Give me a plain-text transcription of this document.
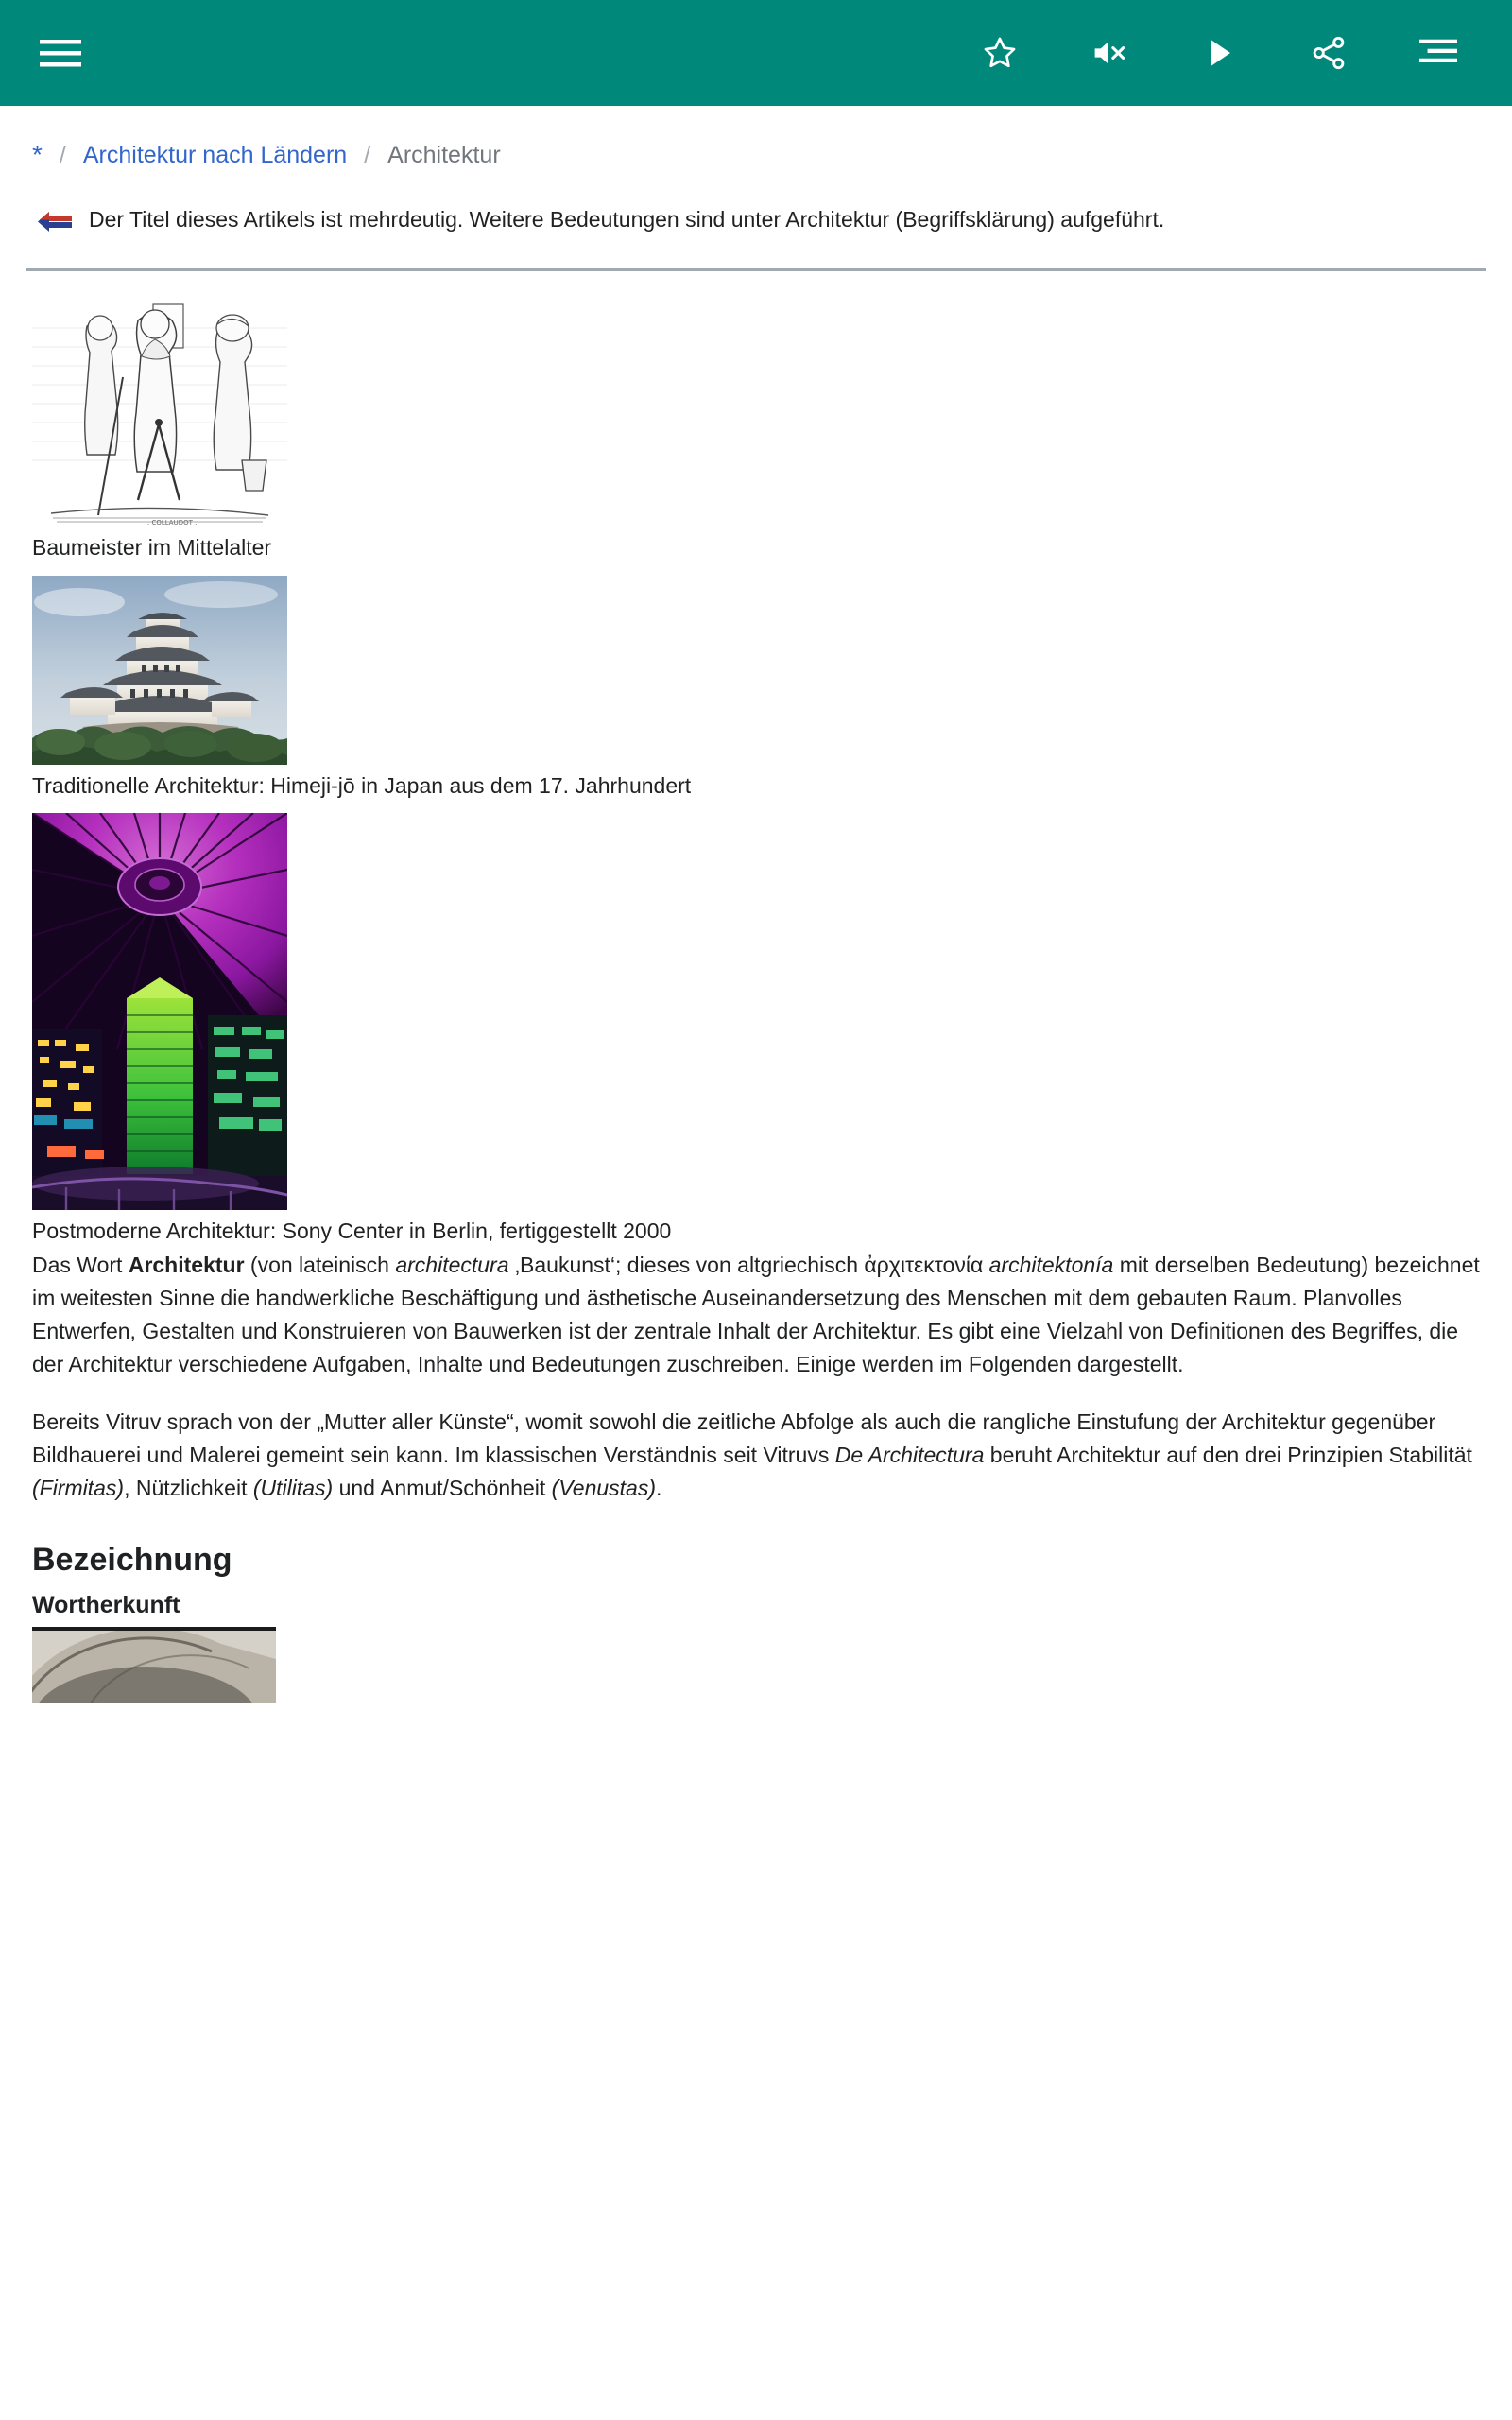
* / Architektur nach Ländern / Architektur
Der Titel dieses Artikels ist mehrdeutig. Weitere Bedeutungen sind unter Architektur (Begriffsklärung) aufgeführt.
. COLLAUDOT .
Baumeister im Mittelalter
Traditionelle Architektur: Himeji-jō in Japan aus dem 17. Jahrhundert
Postmoderne Architektur: Sony Center in Berlin, fertiggestellt 2000

Das Wort Architektur (von lateinisch architectura ‚Baukunst‘; dieses von altgriechisch ἀρχιτεκτονία architektonía mit derselben Bedeutung) bezeichnet im weitesten Sinne die handwerkliche Beschäftigung und ästhetische Auseinandersetzung des Menschen mit dem gebauten Raum. Planvolles Entwerfen, Gestalten und Konstruieren von Bauwerken ist der zentrale Inhalt der Architektur. Es gibt eine Vielzahl von Definitionen des Begriffes, die der Architektur verschiedene Aufgaben, Inhalte und Bedeutungen zuschreiben. Einige werden im Folgenden dargestellt.

Bereits Vitruv sprach von der „Mutter aller Künste“, womit sowohl die zeitliche Abfolge als auch die rangliche Einstufung der Architektur gegenüber Bildhauerei und Malerei gemeint sein kann. Im klassischen Verständnis seit Vitruvs De Architectura beruht Architektur auf den drei Prinzipien Stabilität (Firmitas), Nützlichkeit (Utilitas) und Anmut/Schönheit (Venustas).

Bezeichnung
Wortherkunft
